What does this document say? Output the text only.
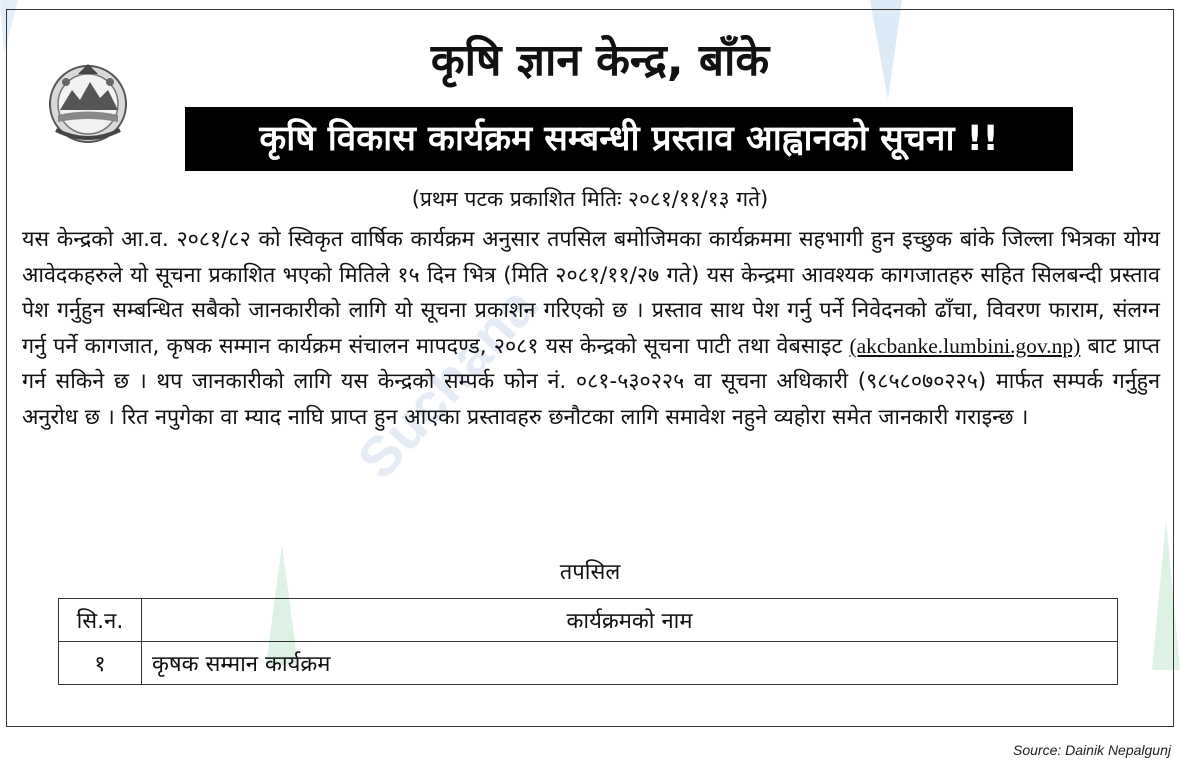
कृषि ज्ञान केन्द्र, बाँके
कृषि विकास कार्यक्रम सम्बन्धी प्रस्ताव आह्वानको सूचना !!
(प्रथम पटक प्रकाशित मितिः २०८१/११/१३ गते)
Suchana

यस केन्द्रको आ.व. २०८१/८२ को स्विकृत वार्षिक कार्यक्रम अनुसार तपसिल बमोजिमका कार्यक्रममा सहभागी हुन इच्छुक बांके जिल्ला भित्रका योग्य आवेदकहरुले यो सूचना प्रकाशित भएको मितिले १५ दिन भित्र (मिति २०८१/११/२७ गते) यस केन्द्रमा आवश्यक कागजातहरु सहित सिलबन्दी प्रस्ताव पेश गर्नुहुन सम्बन्धित सबैको जानकारीको लागि यो सूचना प्रकाशन गरिएको छ । प्रस्ताव साथ पेश गर्नु पर्ने निवेदनको ढाँचा, विवरण फाराम, संलग्न गर्नु पर्ने कागजात, कृषक सम्मान कार्यक्रम संचालन मापदण्ड, २०८१ यस केन्द्रको सूचना पाटी तथा वेबसाइट (akcbanke.lumbini.gov.np) बाट प्राप्त गर्न सकिने छ । थप जानकारीको लागि यस केन्द्रको सम्पर्क फोन नं. ०८१-५३०२२५ वा सूचना अधिकारी (९८५८०७०२२५) मार्फत सम्पर्क गर्नुहुन अनुरोध छ । रित नपुगेका वा म्याद नाघि प्राप्त हुन आएका प्रस्तावहरु छनौटका लागि समावेश नहुने व्यहोरा समेत जानकारी गराइन्छ ।

तपसिल
सि.न.	कार्यक्रमको नाम
१	कृषक सम्मान कार्यक्रम
Source: Dainik Nepalgunj
